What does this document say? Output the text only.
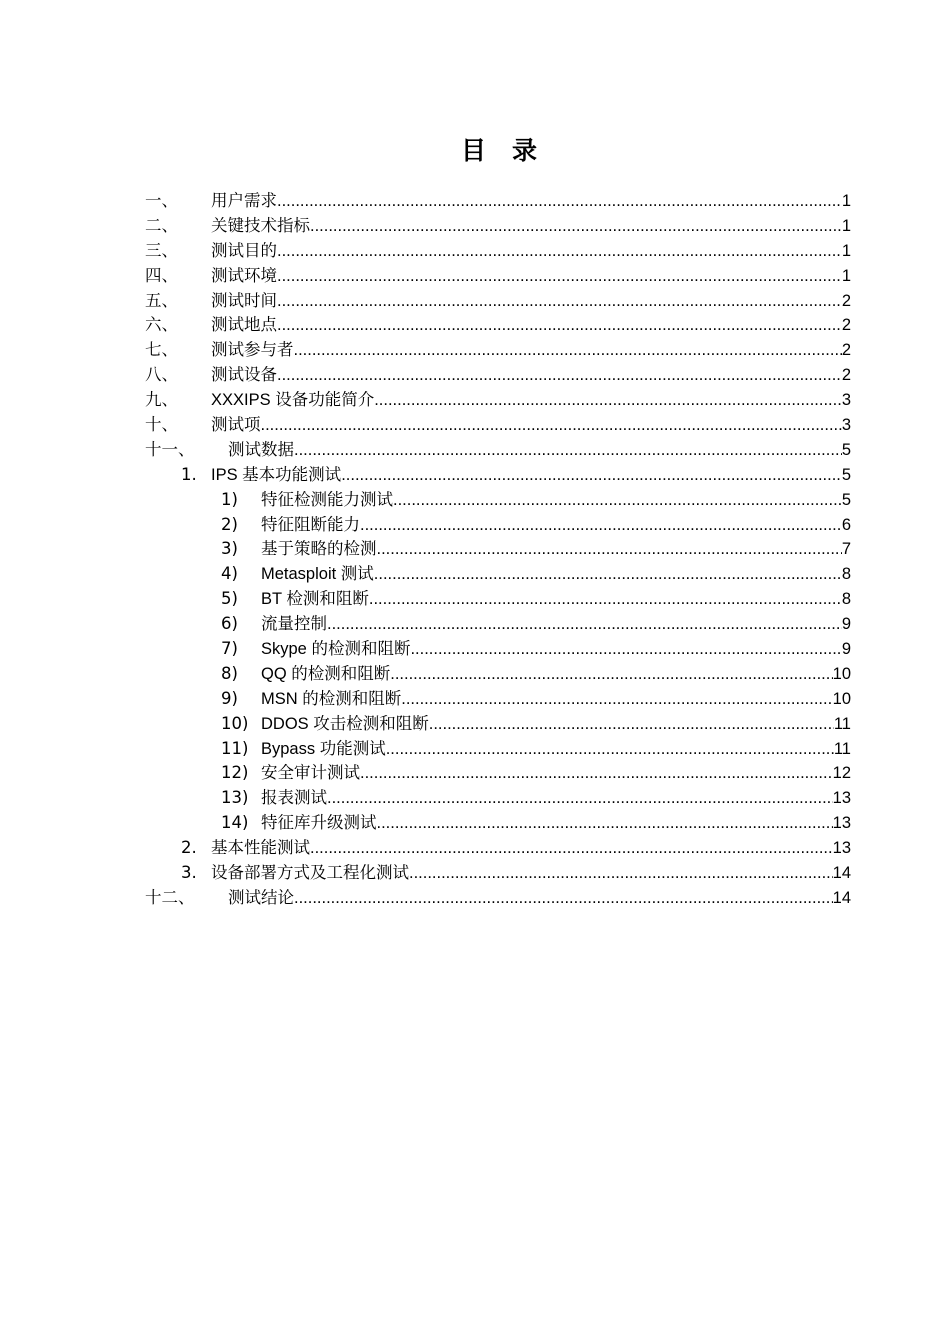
目 录
一、 用户需求 .....	1
二、 关键技术指标 .....	1
三、 测试目的 .....	1
四、 测试环境 .....	1
五、 测试时间 .....	2
六、 测试地点 .....	2
七、 测试参与者 .....	2
八、 测试设备 .....	2
九、 XXXIPS 设备功能简介 .....	3
十、 测试项 .....	3
十一、 测试数据 .....	5
1. IPS 基本功能测试 .....	5
1) 特征检测能力测试 .....	5
2) 特征阻断能力 .....	6
3) 基于策略的检测 .....	7
4) Metasploit 测试 .....	8
5) BT 检测和阻断 .....	8
6) 流量控制 .....	9
7) Skype 的检测和阻断 .....	9
8) QQ 的检测和阻断 .....	10
9) MSN 的检测和阻断 .....	10
10) DDOS 攻击检测和阻断 .....	11
11) Bypass 功能测试 .....	11
12) 安全审计测试 .....	12
13) 报表测试 .....	13
14) 特征库升级测试 .....	13
2. 基本性能测试 .....	13
3. 设备部署方式及工程化测试 .....	14
十二、 测试结论 .....	14
